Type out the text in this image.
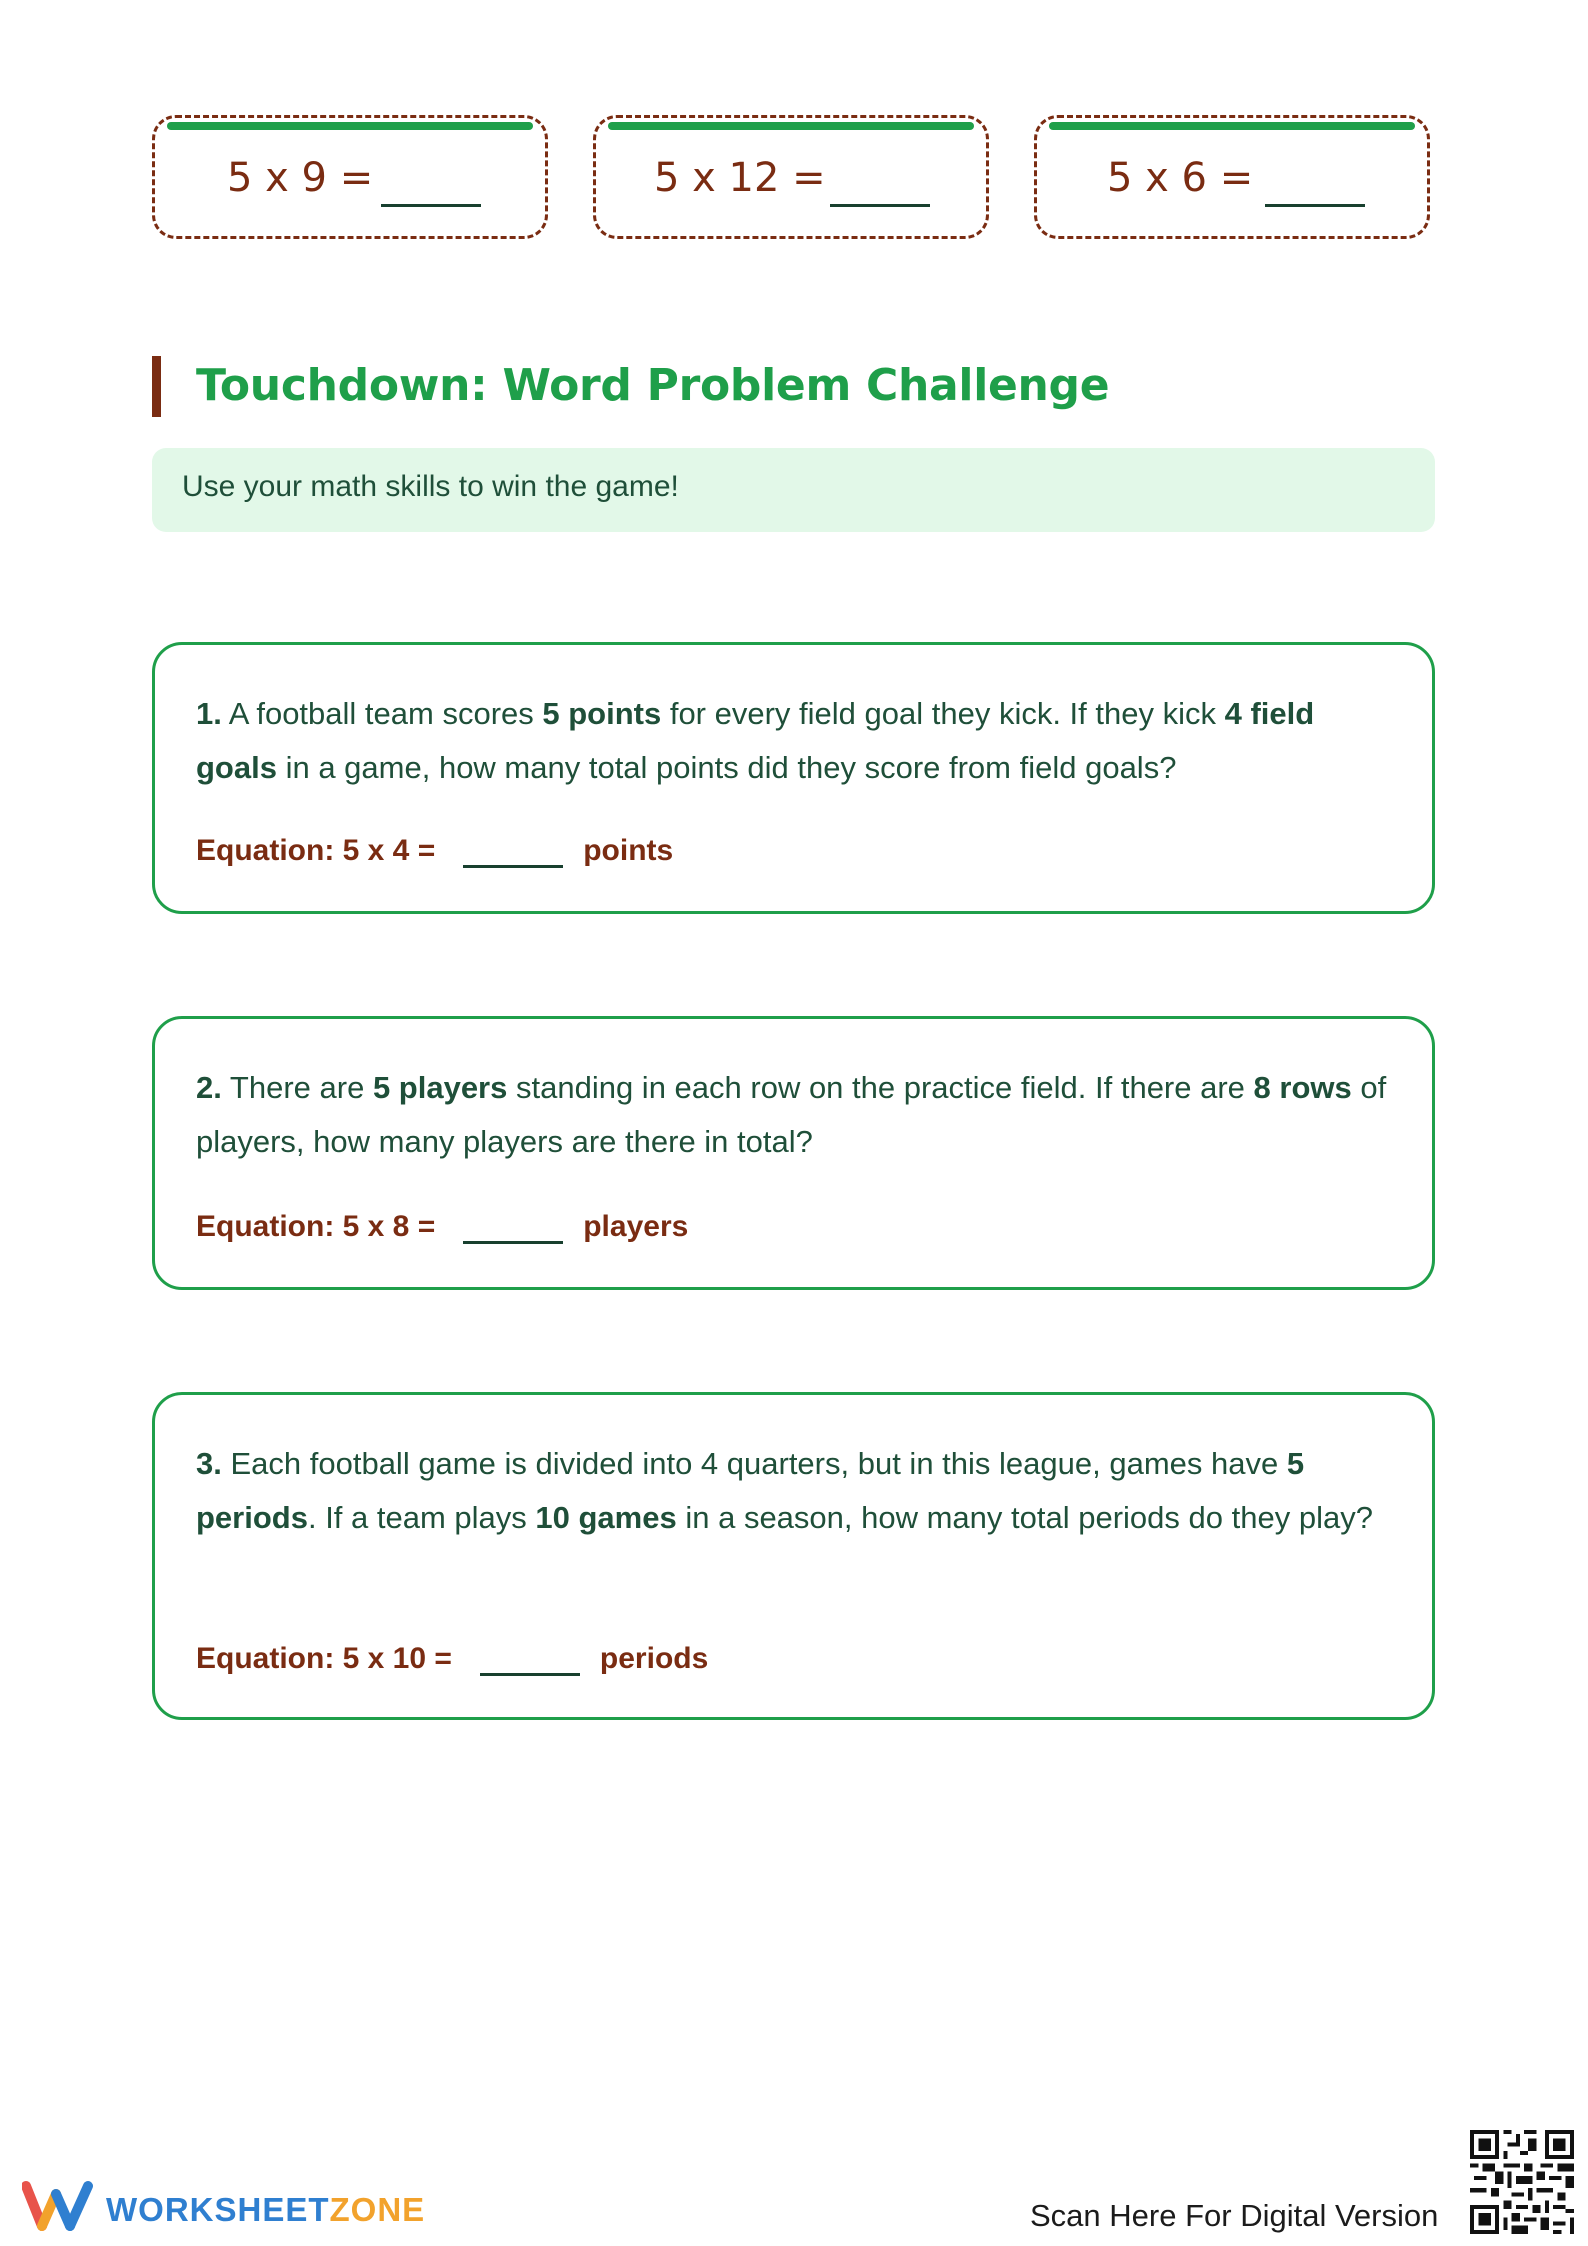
5 x 9 =	5 x 12 =	5 x 6 =
Touchdown: Word Problem Challenge
Use your math skills to win the game!
1. A football team scores 5 points for every field goal they kick. If they kick 4 field goals in a game, how many total points did they score from field goals?
Equation: 5 x 4 =	points
2. There are 5 players standing in each row on the practice field. If there are 8 rows of players, how many players are there in total?
Equation: 5 x 8 =	players
3. Each football game is divided into 4 quarters, but in this league, games have 5 periods. If a team plays 10 games in a season, how many total periods do they play?
Equation: 5 x 10 =	periods
WORKSHEETZONE	Scan Here For Digital Version
